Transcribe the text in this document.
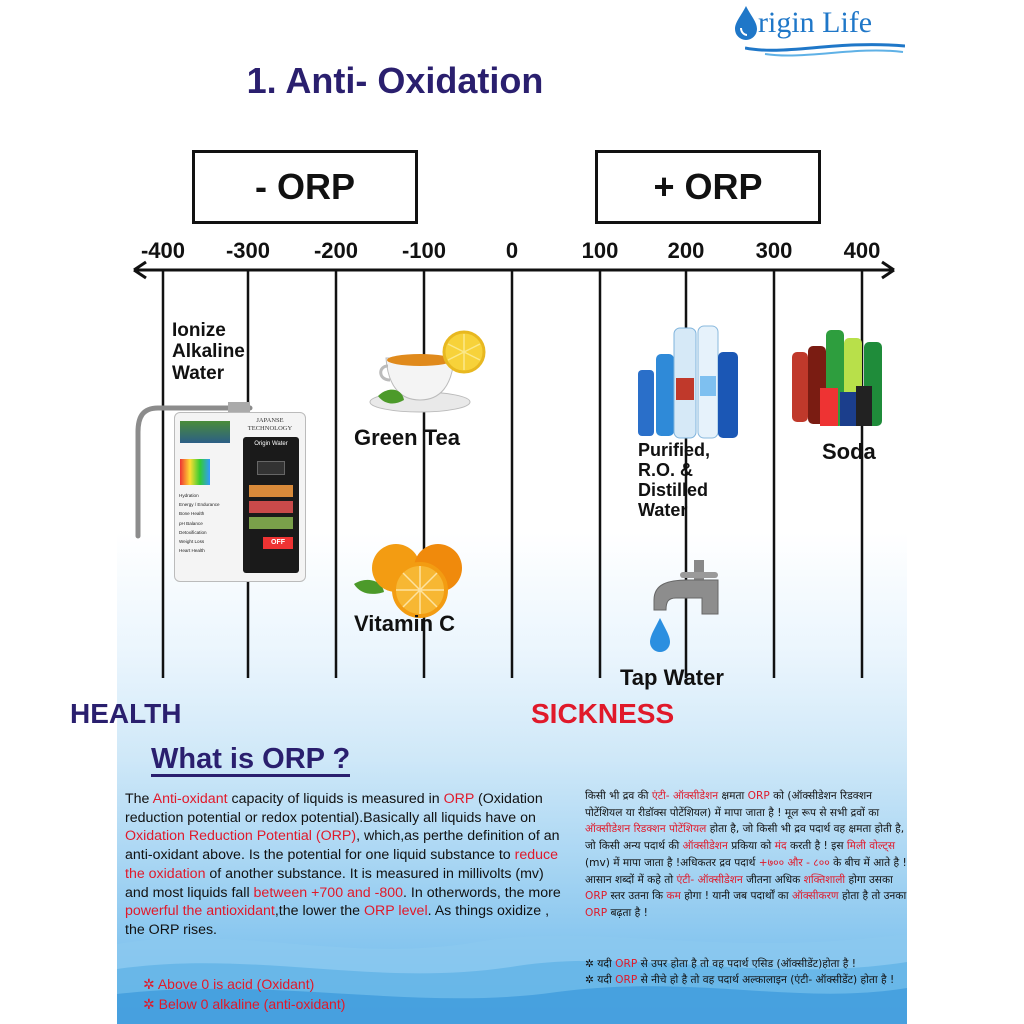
rigin Life
1. Anti- Oxidation
- ORP	+ ORP
-400	-300	-200	-100	0	100	200	300	400
Ionize
Alkaline
Water
JAPANSE
TECHNOLOGY
Origin Water
OFF
Hydration
Energy / Endurance
Bone Health
pH Balance
Detoxification
Weight Loss
Heart Health
Green Tea
Vitamin C
Purified,
R.O. &
Distilled
Water
Soda
Tap Water
HEALTH	SICKNESS
What is ORP ?
The Anti-oxidant capacity of liquids is measured in ORP (Oxidation reduction potential or redox potential).Basically all liquids have on Oxidation Reduction Potential (ORP), which,as perthe definition of an anti-oxidant above. Is the potential for one liquid substance to reduce the oxidation of another substance. It is measured in millivolts (mv) and most liquids fall between +700 and -800. In otherwords, the more powerful the antioxidant,the lower the ORP level. As things oxidize , the ORP rises.
✲ Above 0 is acid (Oxidant)
✲ Below 0 alkaline (anti-oxidant)
किसी भी द्रव की एंटी- ऑक्सीडेशन क्षमता ORP को (ऑक्सीडेशन रिडक्शन पोटेंशियल या रीडॉक्स पोटेंशियल) में मापा जाता है ! मूल रूप से सभी द्रवों का ऑक्सीडेशन रिडक्शन पोटेंशियल होता है, जो किसी भी द्रव पदार्थ वह क्षमता होती है, जो किसी अन्य पदार्थ की ऑक्सीडेशन प्रकिया को मंद करती है ! इस मिली वोल्ट्स (mv) में मापा जाता है !अधिकतर द्रव पदार्थ +७०० और - ८०० के बीच में आते है !आसान शब्दों में कहे तो एंटी- ऑक्सीडेशन जीतना अधिक शक्तिशाली होगा उसका ORP स्तर उतना कि कम होगा ! यानी जब पदार्थों का ऑक्सीकरण होता है तो उनका ORP बढ़ता है !
✲ यदी ORP से उपर होता है तो वह पदार्थ एसिड (ऑक्सीडेंट)होता है !
✲ यदी ORP से नीचे हो है तो वह पदार्थ अल्कालाइन (एंटी- ऑक्सीडेंट) होता है !
